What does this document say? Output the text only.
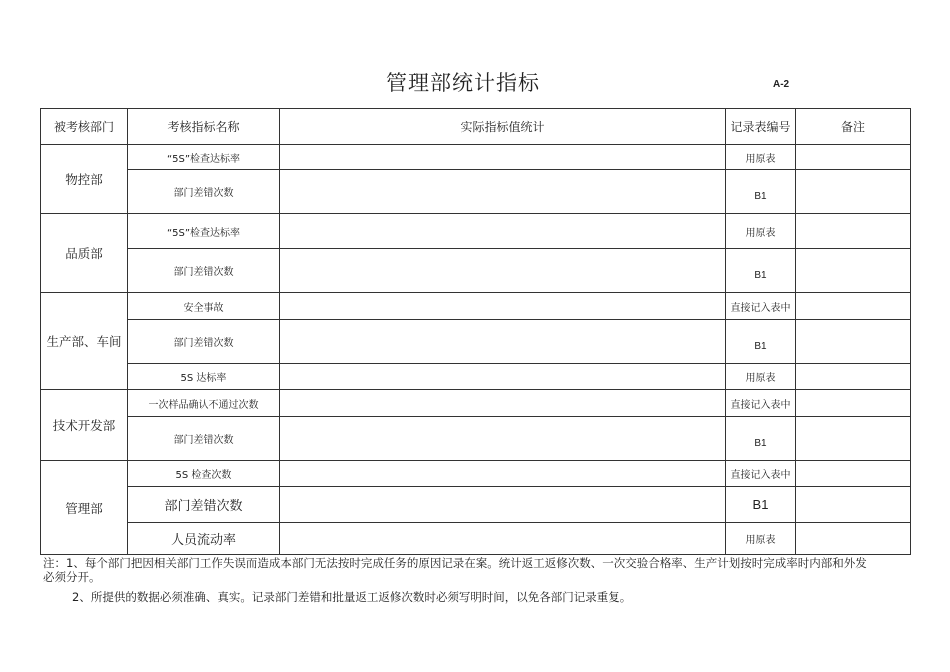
管理部统计指标	A-2
被考核部门	考核指标名称	实际指标值统计	记录表编号	备注
物控部	“5S”检查达标率		用原表	
	部门差错次数		B1	
品质部	“5S”检查达标率		用原表	
	部门差错次数		B1	
生产部、车间	安全事故		直接记入表中	
	部门差错次数		B1	
	5S 达标率		用原表	
技术开发部	一次样品确认不通过次数		直接记入表中	
	部门差错次数		B1	
管理部	5S 检查次数		直接记入表中	
	部门差错次数		B1	
	人员流动率		用原表	

注：1、每个部门把因相关部门工作失误而造成本部门无法按时完成任务的原因记录在案。统计返工返修次数、一次交验合格率、生产计划按时完成率时内部和外发必须分开。

2、所提供的数据必须准确、真实。记录部门差错和批量返工返修次数时必须写明时间，以免各部门记录重复。
